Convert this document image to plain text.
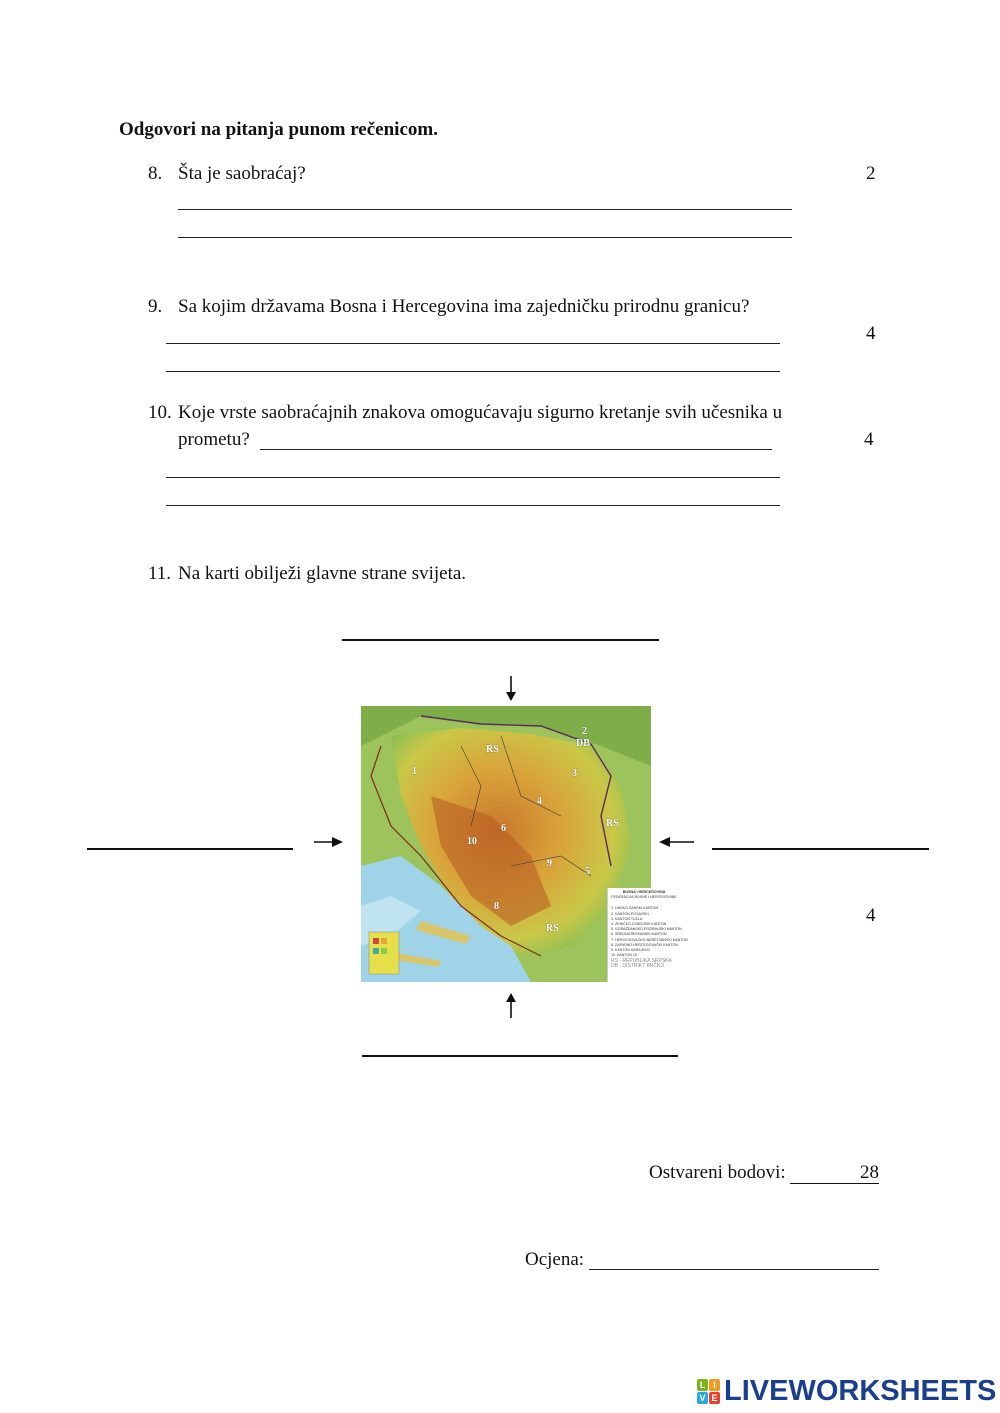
Odgovori na pitanja punom rečenicom.
8. Šta je saobraćaj?	2
9. Sa kojim državama Bosna i Hercegovina ima zajedničku prirodnu granicu?
4
10. Koje vrste saobraćajnih znakova omogućavaju sigurno kretanje svih učesnika u
prometu?	4
11. Na karti obilježi glavne strane svijeta.
4
RS
2
DB
1	3
4
6	RS
10
9
5
8
RS
BOSNA I HERCEGOVINA
FEDERACIJA BOSNE I HERCEGOVINE
1. UNSKO-SANSKI KANTON
2. KANTON POSAVSKI
3. KANTON TUZLA
4. ZENIČKO-DOBOJSKI KANTON
5. GORAŽDANSKO-PODRINJSKI KANTON
6. SREDNJOBOSANSKI KANTON
7. HERCEGOVAČKO-NERETVANSKI KANTON
8. ZAPADNO-HERCEGOVAČKI KANTON
9. KANTON SARAJEVO
10. KANTON 10
RS - REPUBLIKA SRPSKA
DB - DISTRIKT BRČKO
Ostvareni bodovi:	28
Ocjena:
L I
V E LIVEWORKSHEETS
